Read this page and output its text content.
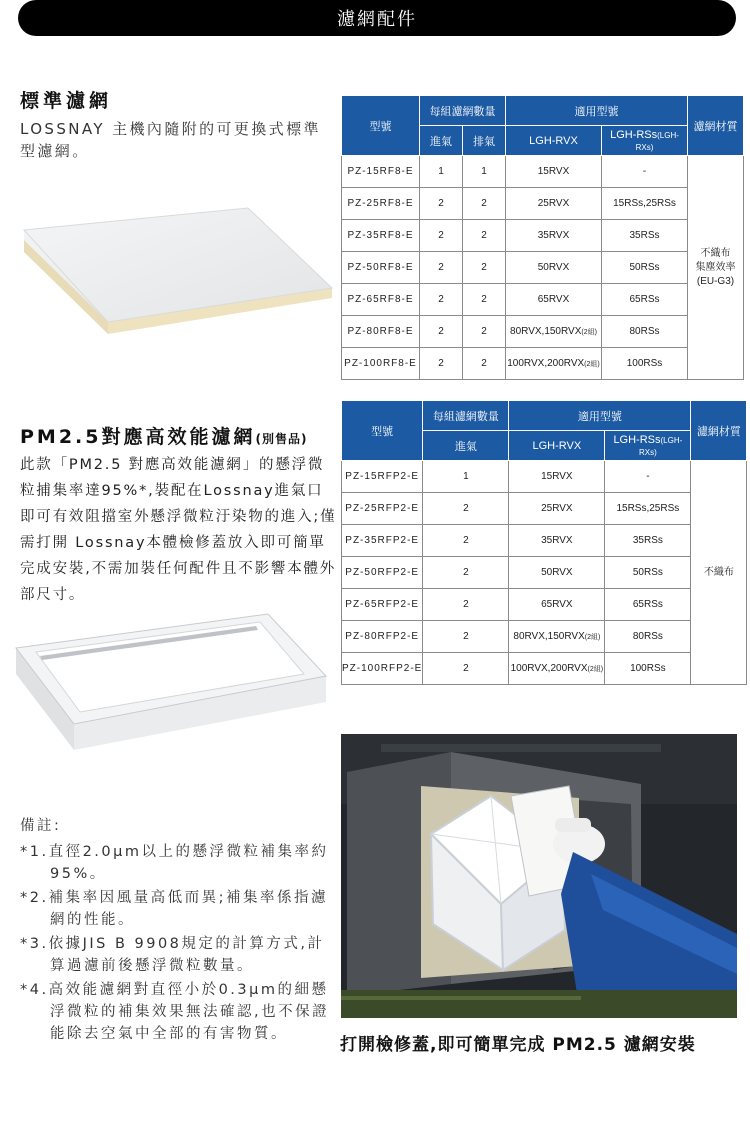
濾網配件
標準濾網
LOSSNAY 主機內隨附的可更換式標準型濾網。
型號	每組濾網數量		適用型號		濾網材質
	進氣	排氣	LGH-RVX	LGH-RSs(LGH-RXs)	
PZ-15RF8-E	1	1	15RVX	-	不織布
集塵效率
(EU-G3)

PZ-25RF8-E	2	2	25RVX	15RSs,25RSs	
PZ-35RF8-E	2	2	35RVX	35RSs	
PZ-50RF8-E	2	2	50RVX	50RSs	
PZ-65RF8-E	2	2	65RVX	65RSs	
PZ-80RF8-E	2	2	80RVX,150RVX(2組)	80RSs	
PZ-100RF8-E	2	2	100RVX,200RVX(2組)	100RSs	
PM2.5對應高效能濾網(別售品)
此款「PM2.5 對應高效能濾網」的懸浮微粒捕集率達95%*,裝配在Lossnay進氣口即可有效阻擋室外懸浮微粒汙染物的進入;僅需打開 Lossnay本體檢修蓋放入即可簡單完成安裝,不需加裝任何配件且不影響本體外部尺寸。
型號	每組濾網數量	適用型號		濾網材質
	進氣	LGH-RVX	LGH-RSs(LGH-RXs)	
PZ-15RFP2-E	1	15RVX	-	不織布
PZ-25RFP2-E	2	25RVX	15RSs,25RSs	
PZ-35RFP2-E	2	35RVX	35RSs	
PZ-50RFP2-E	2	50RVX	50RSs	
PZ-65RFP2-E	2	65RVX	65RSs	
PZ-80RFP2-E	2	80RVX,150RVX(2組)	80RSs	
PZ-100RFP2-E	2	100RVX,200RVX(2組)	100RSs	
備註:
*1.直徑2.0μm以上的懸浮微粒補集率約95%。
*2.補集率因風量高低而異;補集率係指濾網的性能。
*3.依據JIS B 9908規定的計算方式,計算過濾前後懸浮微粒數量。
*4.高效能濾網對直徑小於0.3μm的細懸浮微粒的補集效果無法確認,也不保證能除去空氣中全部的有害物質。
打開檢修蓋,即可簡單完成 PM2.5 濾網安裝
